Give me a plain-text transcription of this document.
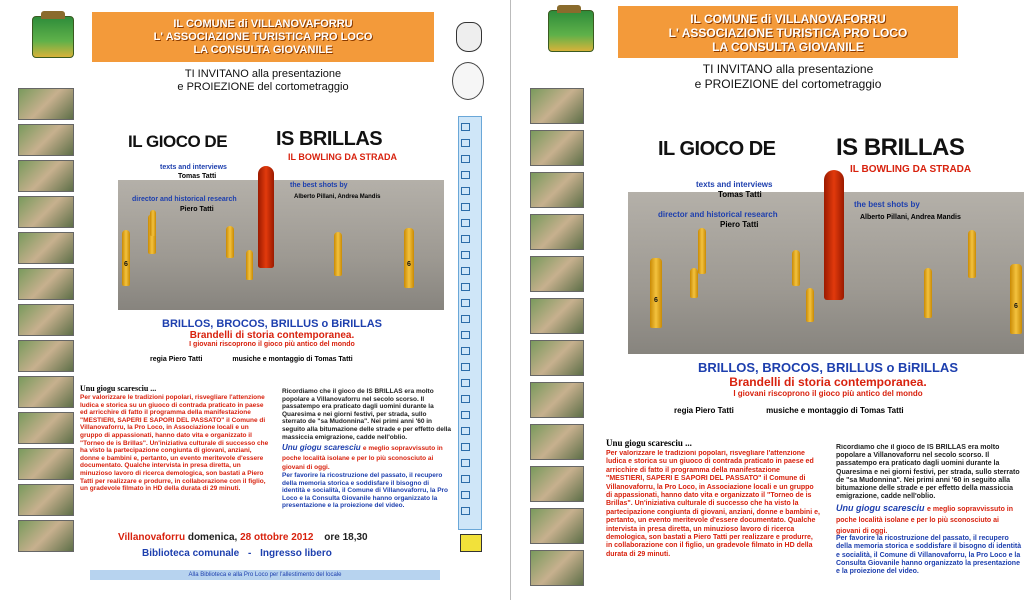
IL COMUNE di VILLANOVAFORRU
L' ASSOCIAZIONE TURISTICA PRO LOCO
LA CONSULTA GIOVANILE
TI INVITANO alla presentazione
e PROIEZIONE del cortometraggio
IL GIOCO DE IS BRILLAS
IL BOWLING DA STRADA
texts and interviews
Tomas Tatti
director and historical research
Piero Tatti
the best shots by
Alberto Pillani, Andrea Mandis
6	6
BRILLOS, BROCOS, BRILLUS o BiRILLAS
Brandelli di storia contemporanea.
I giovani riscoprono il gioco più antico del mondo
regia Piero Tatti	musiche e montaggio di Tomas Tatti
Unu giogu scaresciu ...
Per valorizzare le tradizioni popolari, risvegliare l'attenzione ludica e storica su un giuoco di contrada praticato in paese ed arricchire di fatto il programma della manifestazione "MESTIERI, SAPERI E SAPORI DEL PASSATO" il Comune di Villanovaforru, la Pro Loco, in Associazione locali e un gruppo di appassionati, hanno dato vita e organizzato il "Torneo de is Brillas". Un'iniziativa culturale di successo che ha visto la partecipazione congiunta di giovani, anziani, donne e bambini e, pertanto, un evento meritevole d'essere documentato. Qualche intervista in presa diretta, un minuzioso lavoro di ricerca demologica, son bastati a Piero Tatti per realizzare e produrre, in collaborazione con il figlio, un gradevole filmato in HD della durata di 29 minuti.
Ricordiamo che il gioco de IS BRILLAS era molto popolare a Villanovaforru nel secolo scorso. Il passatempo era praticato dagli uomini durante la Quaresima e nei giorni festivi, per strada, sullo sterrato de "sa Mudonnina". Nei primi anni '60 in seguito alla bitumazione delle strade e per effetto della massiccia emigrazione, cadde nell'oblio.
Unu giogu scaresciu e meglio sopravvissuto in poche località isolane e per lo più sconosciuto ai giovani di oggi.
Per favorire la ricostruzione del passato, il recupero della memoria storica e soddisfare il bisogno di identità e socialità, il Comune di Villanovaforru, la Pro Loco e la Consulta Giovanile hanno organizzato la presentazione e la proiezione del video.
Villanovaforru domenica, 28 ottobre 2012 ore 18,30
Biblioteca comunale - Ingresso libero
Alla Biblioteca e alla Pro Loco per l'allestimento del locale
IL COMUNE di VILLANOVAFORRU
L' ASSOCIAZIONE TURISTICA PRO LOCO
LA CONSULTA GIOVANILE
TI INVITANO alla presentazione
e PROIEZIONE del cortometraggio
IL GIOCO DE	IS BRILLAS
IL BOWLING DA STRADA
texts and interviews
Tomas Tatti
director and historical research
Piero Tatti
the best shots by
Alberto Pillani, Andrea Mandis
6
6
BRILLOS, BROCOS, BRILLUS o BiRILLAS
Brandelli di storia contemporanea.
I giovani riscoprono il gioco più antico del mondo
regia Piero Tatti	musiche e montaggio di Tomas Tatti
Unu giogu scaresciu ...
Per valorizzare le tradizioni popolari, risvegliare l'attenzione ludica e storica su un giuoco di contrada praticato in paese ed arricchire di fatto il programma della manifestazione "MESTIERI, SAPERI E SAPORI DEL PASSATO" il Comune di Villanovaforru, la Pro Loco, in Associazione locali e un gruppo di appassionati, hanno dato vita e organizzato il "Torneo de is Brillas". Un'iniziativa culturale di successo che ha visto la partecipazione congiunta di giovani, anziani, donne e bambini e, pertanto, un evento meritevole d'essere documentato. Qualche intervista in presa diretta, un minuzioso lavoro di ricerca demologica, son bastati a Piero Tatti per realizzare e produrre, in collaborazione con il figlio, un gradevole filmato in HD della durata di 29 minuti.
Ricordiamo che il gioco de IS BRILLAS era molto popolare a Villanovaforru nel secolo scorso. Il passatempo era praticato dagli uomini durante la Quaresima e nei giorni festivi, per strada, sullo sterrato de "sa Mudonnina". Nei primi anni '60 in seguito alla bitumazione delle strade e per effetto della massiccia emigrazione, cadde nell'oblio.
Unu giogu scaresciu e meglio sopravvissuto in poche località isolane e per lo più sconosciuto ai giovani di oggi.
Per favorire la ricostruzione del passato, il recupero della memoria storica e soddisfare il bisogno di identità e socialità, il Comune di Villanovaforru, la Pro Loco e la Consulta Giovanile hanno organizzato la presentazione e la proiezione del video.
